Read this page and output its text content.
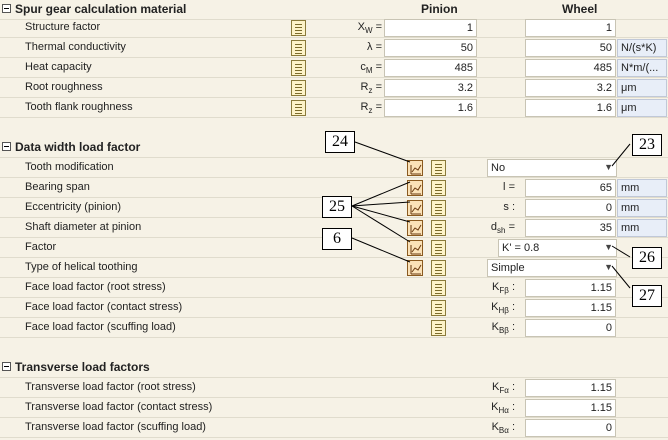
Spur gear calculation material	Pinion	Wheel
Structure factor	$X_W$ =	1	1
Thermal conductivity	λ =	50	50 N/(s*K)
Heat capacity	$c_M$ =	485	485 N*m/(...
Root roughness	$R_z$ =	3.2	3.2 μm
Tooth flank roughness	$R_z$ =	1.6	1.6 μm
Data width load factor
Tooth modification	No	▼
Bearing span	l =	65 mm
Eccentricity (pinion)	s :	0 mm
Shaft diameter at pinion	$d_{sh}$ =	35 mm
Factor	K' = 0.8	▼
Type of helical toothing	Simple	▼
Face load factor (root stress)	$K_{F\beta}$ :	1.15
Face load factor (contact stress)	$K_{H\beta}$ :	1.15
Face load factor (scuffing load)	$K_{B\beta}$ :	0
Transverse load factors
Transverse load factor (root stress)	$K_{F\alpha}$ :	1.15
Transverse load factor (contact stress)	$K_{H\alpha}$ :	1.15
Transverse load factor (scuffing load)	$K_{B\alpha}$ :	0
24	23
25
6
26
27
